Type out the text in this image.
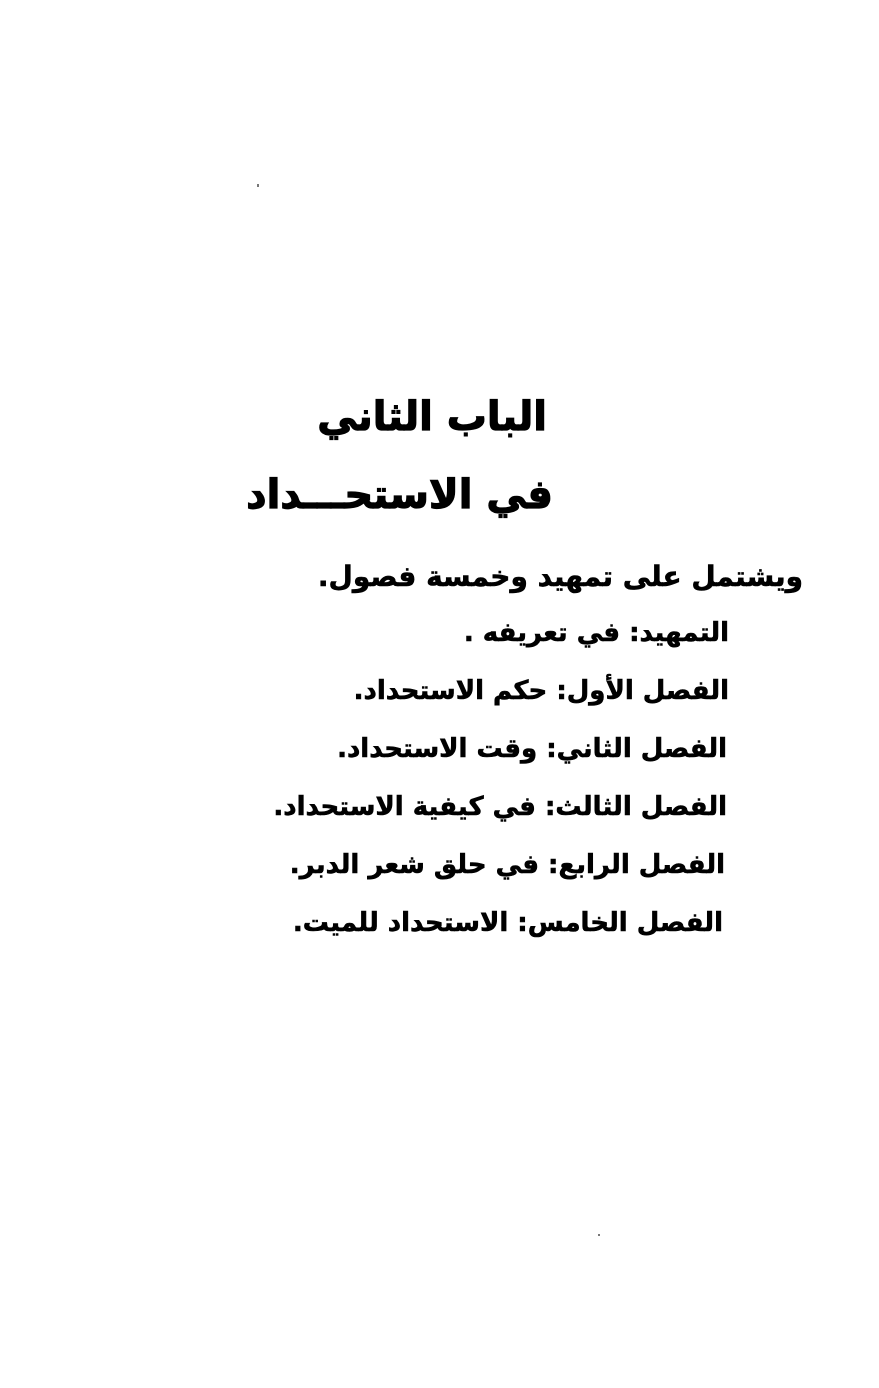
الباب الثاني
في الاستحـــداد
ويشتمل على تمهيد وخمسة فصول.
التمهيد: في تعريفه .
الفصل الأول: حكم الاستحداد.
الفصل الثاني: وقت الاستحداد.
الفصل الثالث: في كيفية الاستحداد.
الفصل الرابع: في حلق شعر الدبر.
الفصل الخامس: الاستحداد للميت.
